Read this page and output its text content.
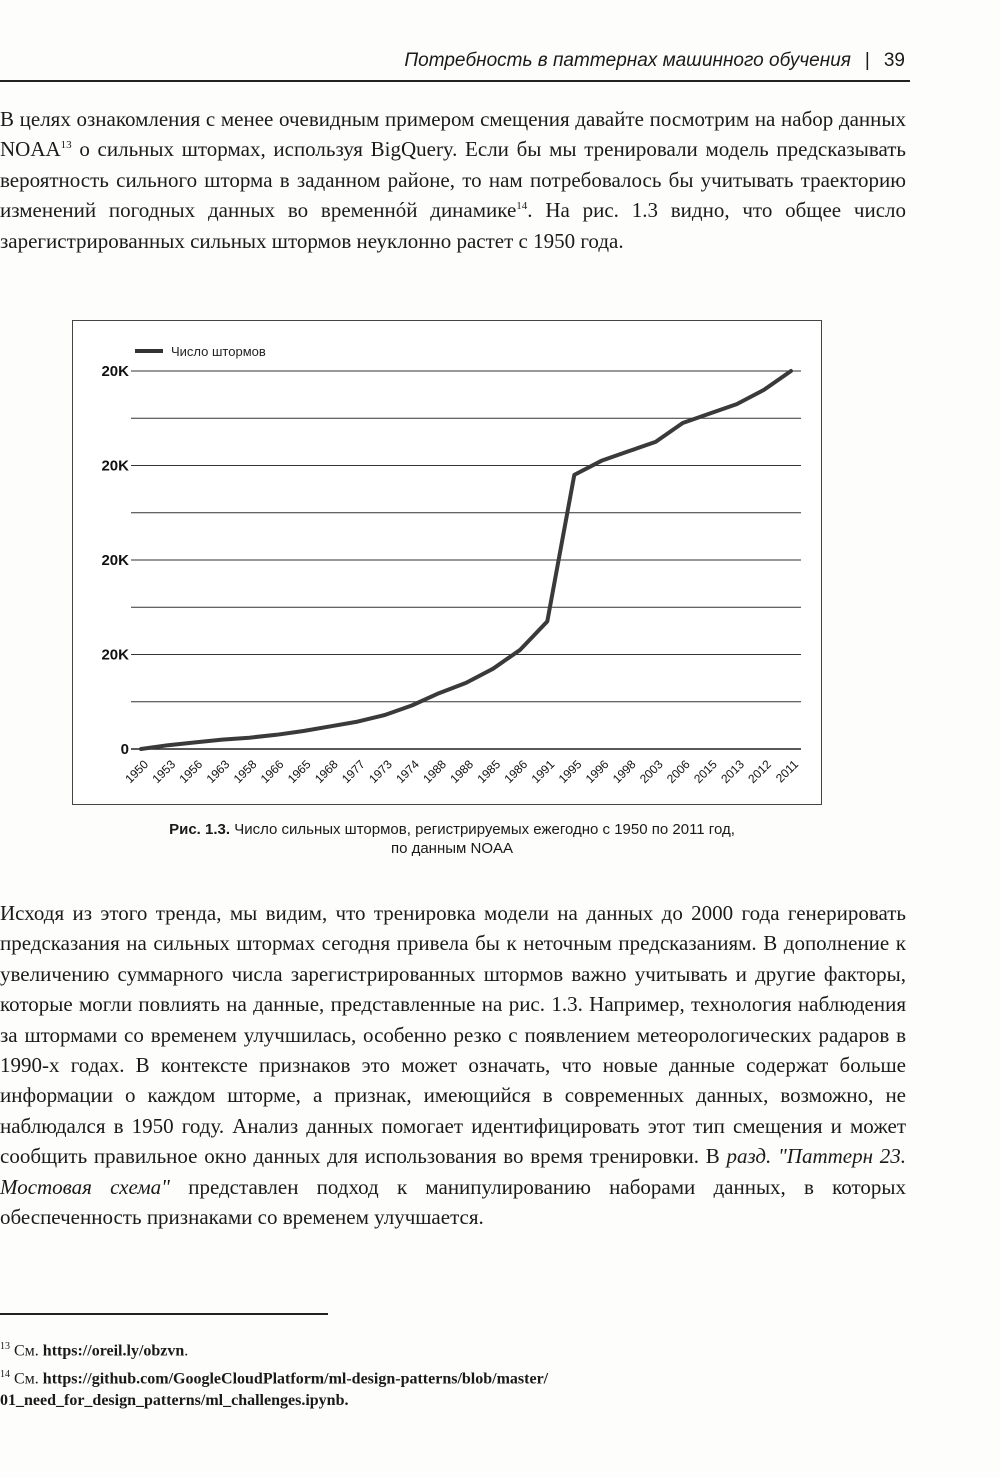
Потребность в паттернах машинного обучения | 39

В целях ознакомления с менее очевидным примером смещения давайте посмотрим на набор данных NOAA$^{13}$ о сильных штормах, используя BigQuery. Если бы мы тренировали модель предсказывать вероятность сильного шторма в заданном районе, то нам потребовалось бы учитывать траекторию изменений погодных данных во временнóй динамике$^{14}$. На рис. 1.3 видно, что общее число зарегистрированных сильных штормов неуклонно растет с 1950 года.

0
20K
20K
20K
20K
Число штормов
1950
1953
1956
1963
1958
1966
1965
1968
1977
1973
1974
1988
1988
1985
1986
1991
1995
1996
1998
2003
2006
2015
2013
2012
2011
Рис. 1.3. Число сильных штормов, регистрируемых ежегодно с 1950 по 2011 год,
по данным NOAA

Исходя из этого тренда, мы видим, что тренировка модели на данных до 2000 года генерировать предсказания на сильных штормах сегодня привела бы к неточным предсказаниям. В дополнение к увеличению суммарного числа зарегистрированных штормов важно учитывать и другие факторы, которые могли повлиять на данные, представленные на рис. 1.3. Например, технология наблюдения за штормами со временем улучшилась, особенно резко с появлением метеорологических радаров в 1990-х годах. В контексте признаков это может означать, что новые данные содержат больше информации о каждом шторме, а признак, имеющийся в современных данных, возможно, не наблюдался в 1950 году. Анализ данных помогает идентифицировать этот тип смещения и может сообщить правильное окно данных для использования во время тренировки. В разд. "Паттерн 23. Мостовая схема" представлен подход к манипулированию наборами данных, в которых обеспеченность признаками со временем улучшается.

$^{13}$ См. https://oreil.ly/obzvn.
$^{14}$ См. https://github.com/GoogleCloudPlatform/ml-design-patterns/blob/master/
01_need_for_design_patterns/ml_challenges.ipynb.
